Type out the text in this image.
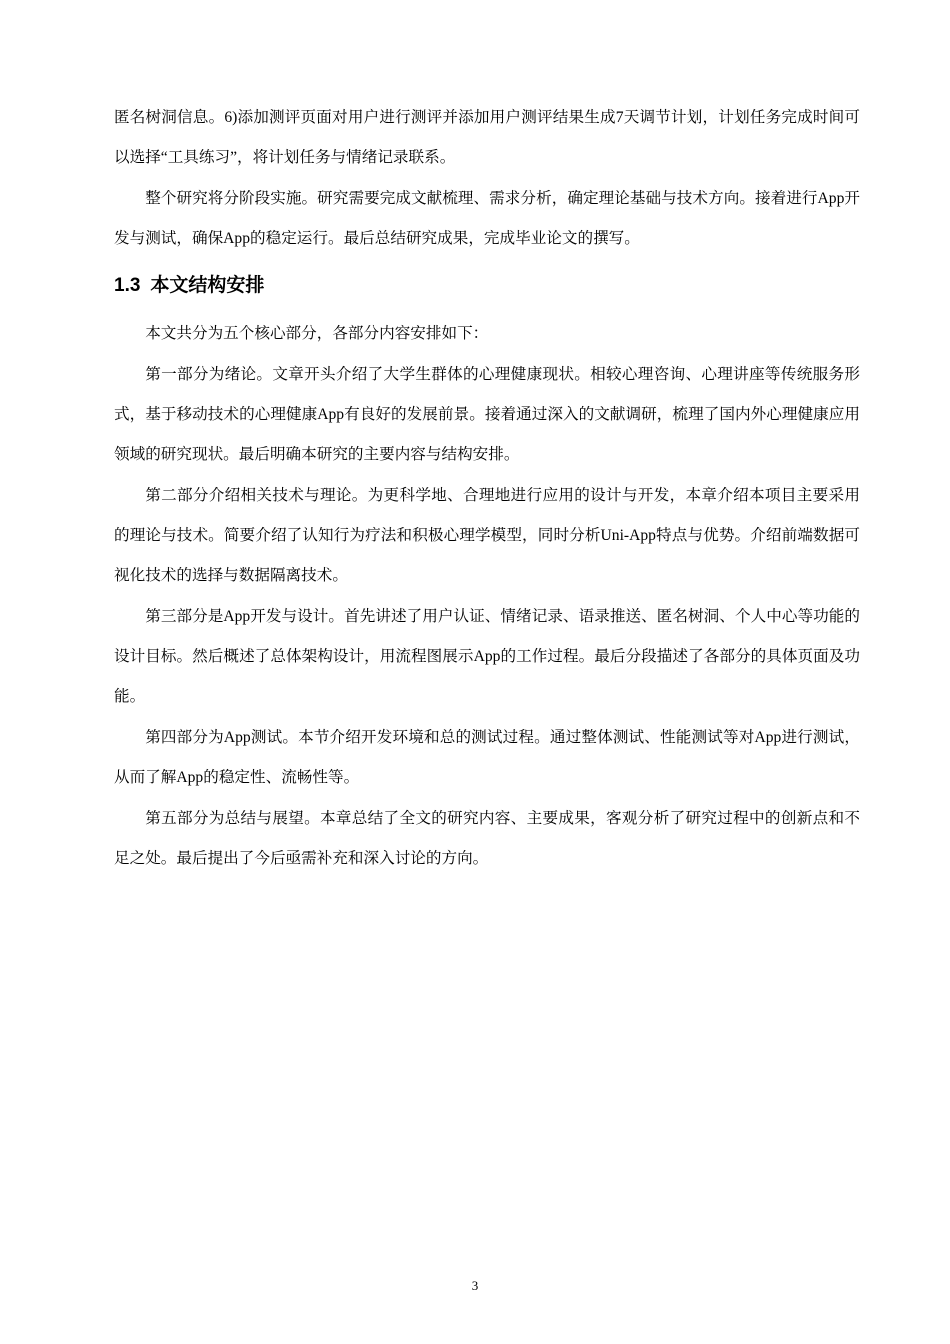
匿名树洞信息。6)添加测评页面对用户进行测评并添加用户测评结果生成7天调节计划，计划任务完成时间可以选择“工具练习”，将计划任务与情绪记录联系。

整个研究将分阶段实施。研究需要完成文献梳理、需求分析，确定理论基础与技术方向。接着进行App开发与测试，确保App的稳定运行。最后总结研究成果，完成毕业论文的撰写。

1.3 本文结构安排

本文共分为五个核心部分，各部分内容安排如下：

第一部分为绪论。文章开头介绍了大学生群体的心理健康现状。相较心理咨询、心理讲座等传统服务形式，基于移动技术的心理健康App有良好的发展前景。接着通过深入的文献调研，梳理了国内外心理健康应用领域的研究现状。最后明确本研究的主要内容与结构安排。

第二部分介绍相关技术与理论。为更科学地、合理地进行应用的设计与开发，本章介绍本项目主要采用的理论与技术。简要介绍了认知行为疗法和积极心理学模型，同时分析Uni-App特点与优势。介绍前端数据可视化技术的选择与数据隔离技术。

第三部分是App开发与设计。首先讲述了用户认证、情绪记录、语录推送、匿名树洞、个人中心等功能的设计目标。然后概述了总体架构设计，用流程图展示App的工作过程。最后分段描述了各部分的具体页面及功能。

第四部分为App测试。本节介绍开发环境和总的测试过程。通过整体测试、性能测试等对App进行测试，从而了解App的稳定性、流畅性等。

第五部分为总结与展望。本章总结了全文的研究内容、主要成果，客观分析了研究过程中的创新点和不足之处。最后提出了今后亟需补充和深入讨论的方向。

3
